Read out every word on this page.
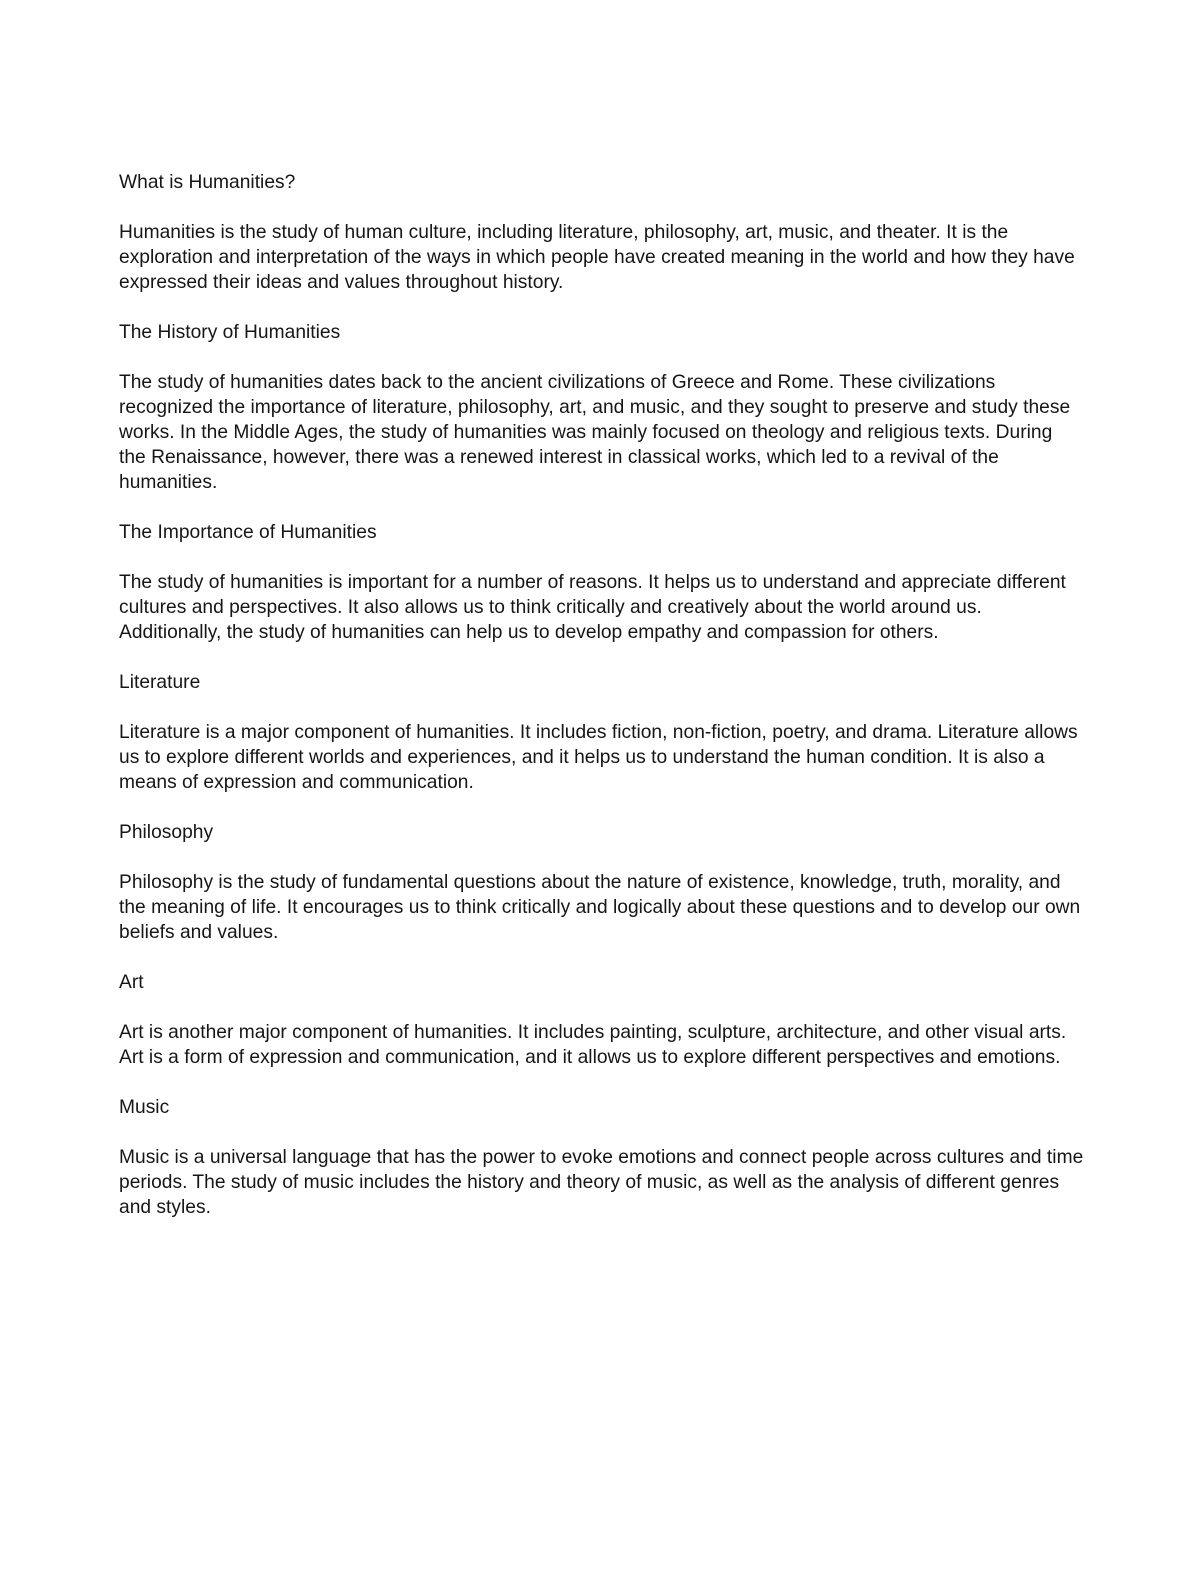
What is Humanities?
Humanities is the study of human culture, including literature, philosophy, art, music, and theater. It is the exploration and interpretation of the ways in which people have created meaning in the world and how they have expressed their ideas and values throughout history.
The History of Humanities
The study of humanities dates back to the ancient civilizations of Greece and Rome. These civilizations recognized the importance of literature, philosophy, art, and music, and they sought to preserve and study these works. In the Middle Ages, the study of humanities was mainly focused on theology and religious texts. During the Renaissance, however, there was a renewed interest in classical works, which led to a revival of the humanities.
The Importance of Humanities
The study of humanities is important for a number of reasons. It helps us to understand and appreciate different cultures and perspectives. It also allows us to think critically and creatively about the world around us. Additionally, the study of humanities can help us to develop empathy and compassion for others.
Literature
Literature is a major component of humanities. It includes fiction, non-fiction, poetry, and drama. Literature allows us to explore different worlds and experiences, and it helps us to understand the human condition. It is also a means of expression and communication.
Philosophy
Philosophy is the study of fundamental questions about the nature of existence, knowledge, truth, morality, and the meaning of life. It encourages us to think critically and logically about these questions and to develop our own beliefs and values.
Art
Art is another major component of humanities. It includes painting, sculpture, architecture, and other visual arts. Art is a form of expression and communication, and it allows us to explore different perspectives and emotions.
Music
Music is a universal language that has the power to evoke emotions and connect people across cultures and time periods. The study of music includes the history and theory of music, as well as the analysis of different genres and styles.
